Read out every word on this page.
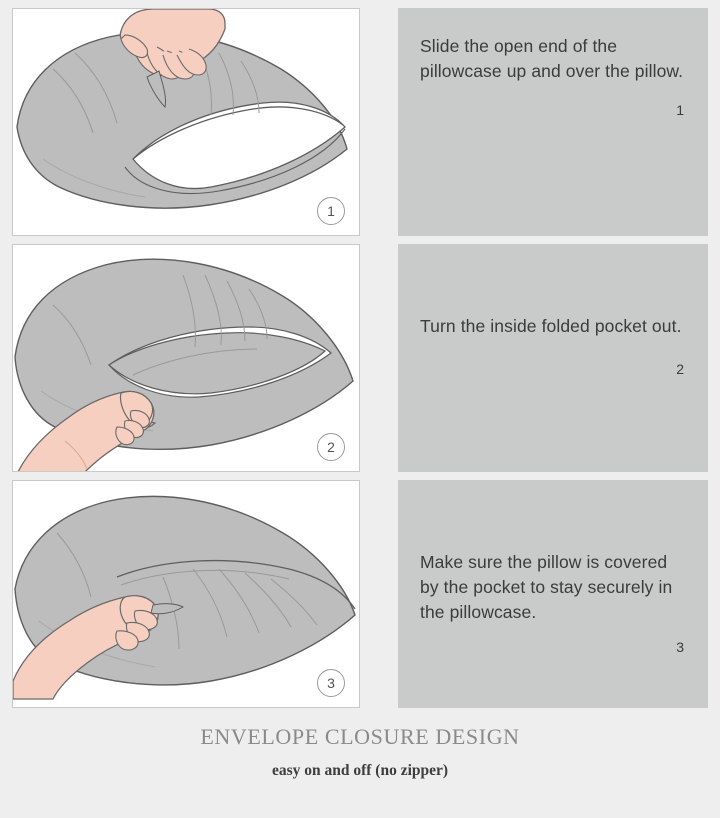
1
2
3

Slide the open end of the pillowcase up and over the pillow.

1

Turn the inside folded pocket out.

2

Make sure the pillow is covered by the pocket to stay securely in the pillowcase.

3
ENVELOPE CLOSURE DESIGN

easy on and off (no zipper)
